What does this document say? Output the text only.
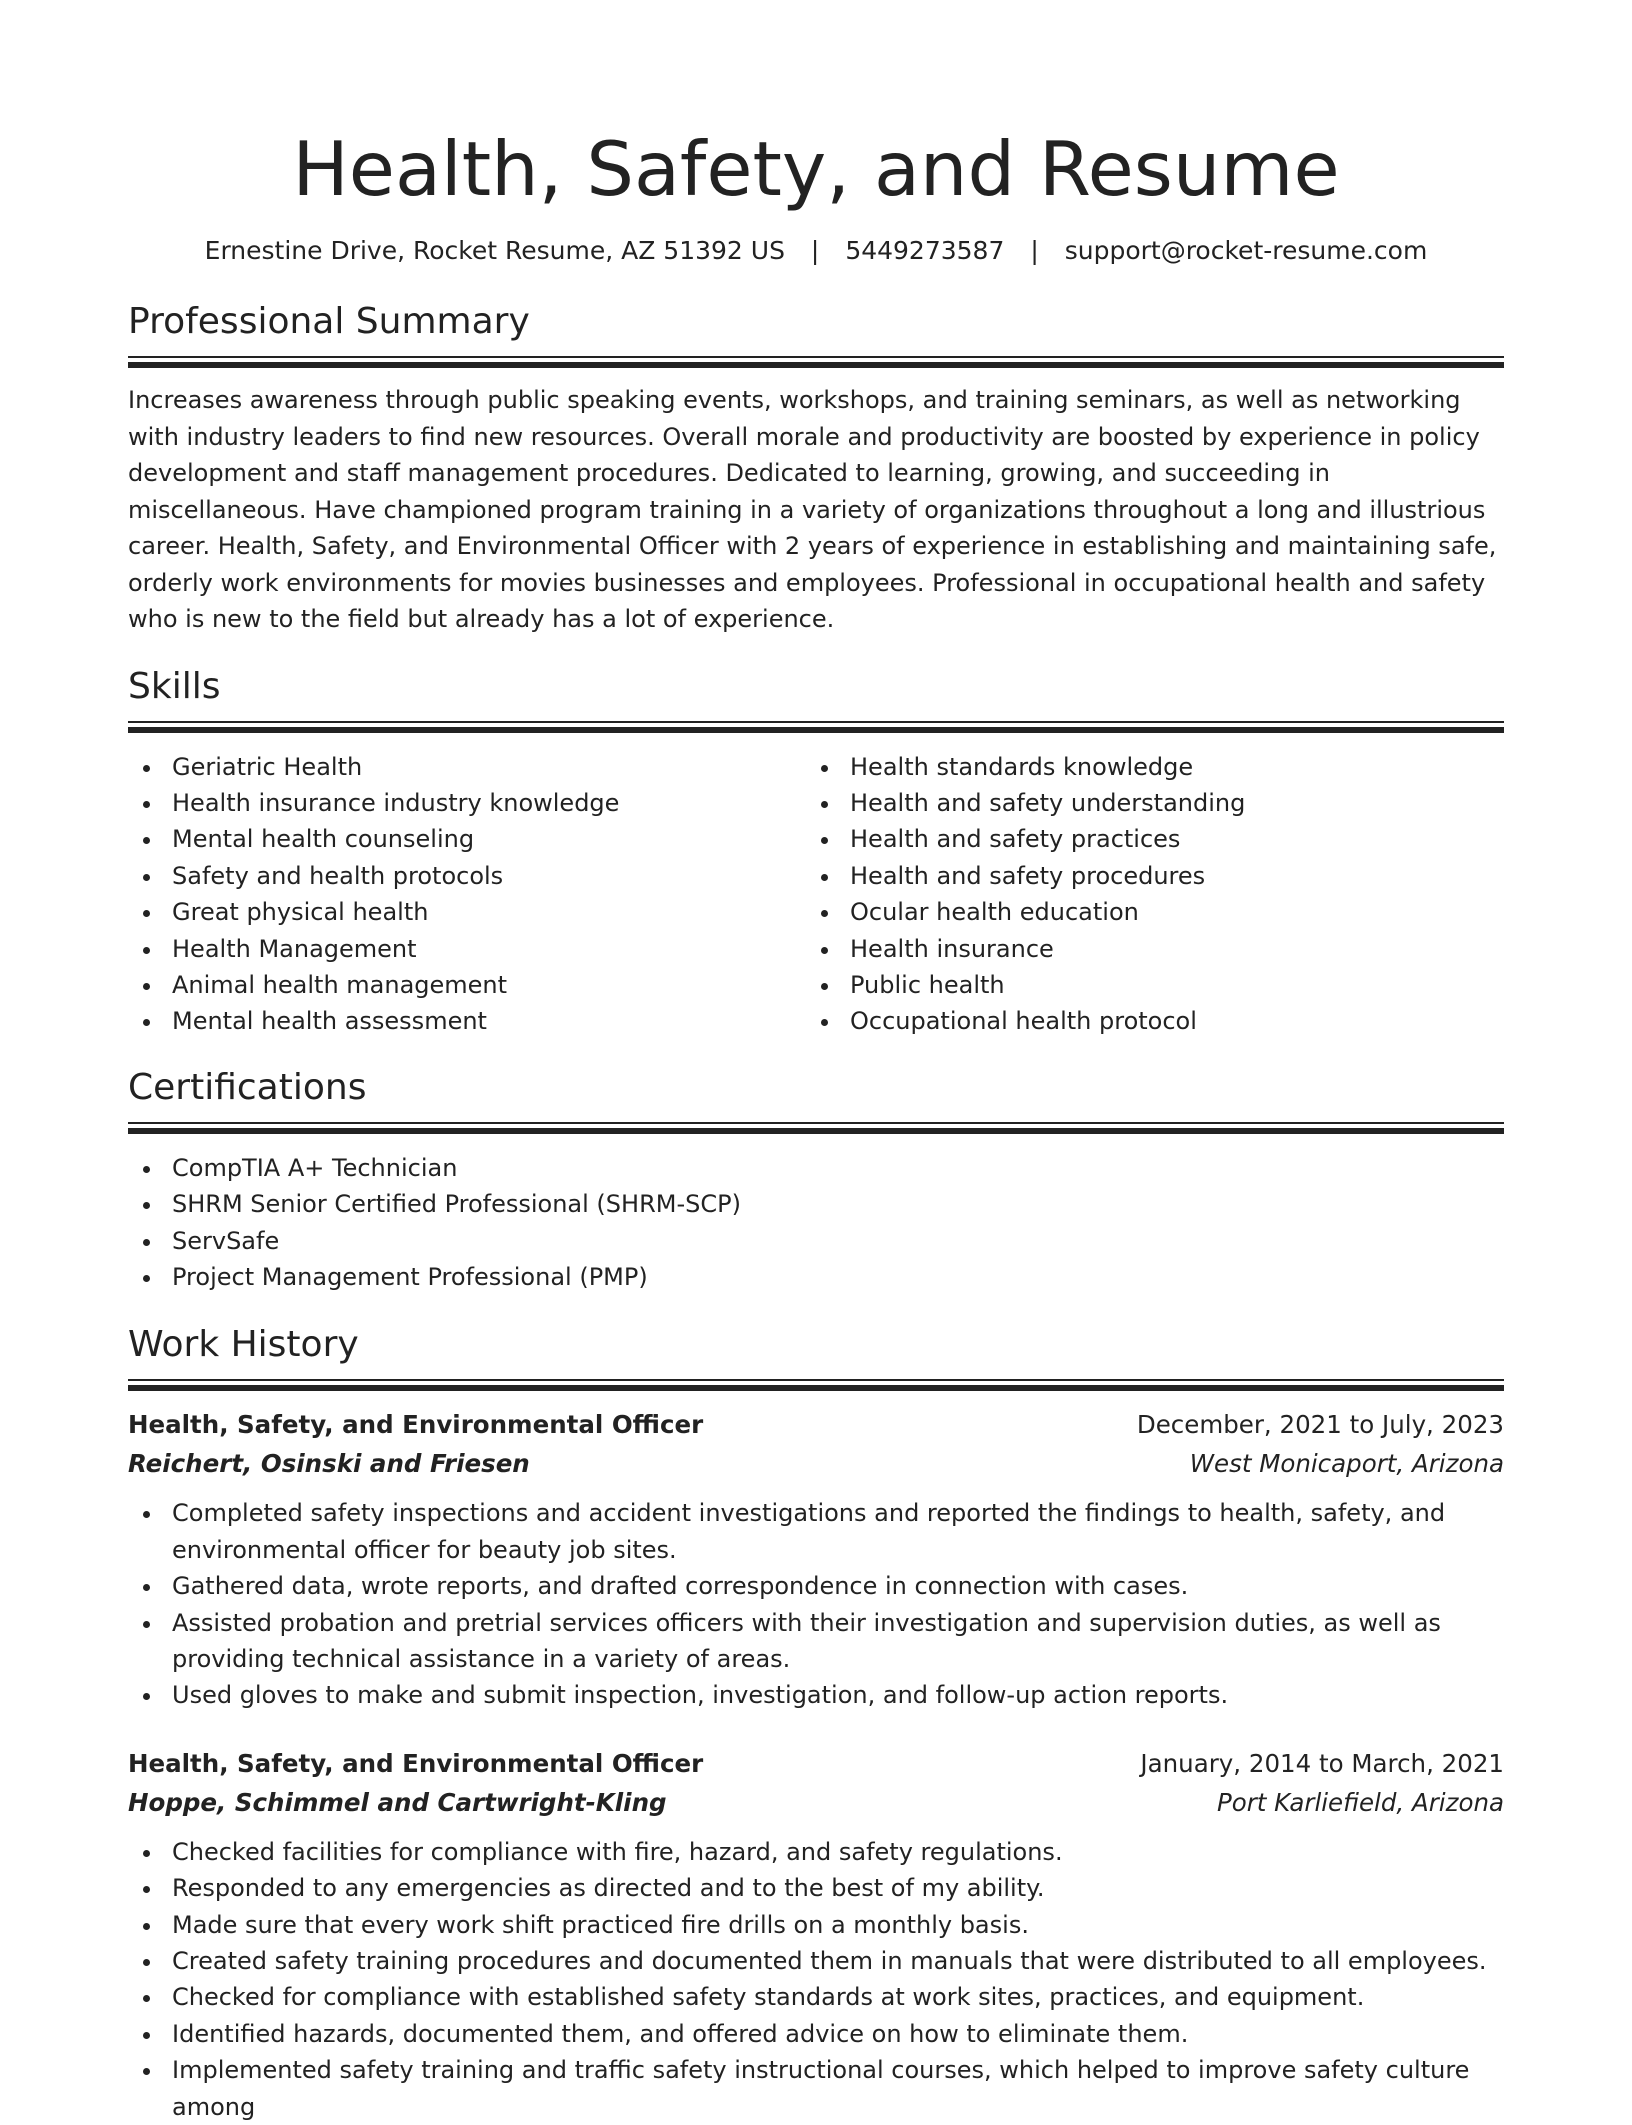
Health, Safety, and Resume
Ernestine Drive, Rocket Resume, AZ 51392 US | 5449273587 | support@rocket-resume.com
Professional Summary

Increases awareness through public speaking events, workshops, and training seminars, as well as networking with industry leaders to find new resources. Overall morale and productivity are boosted by experience in policy development and staff management procedures. Dedicated to learning, growing, and succeeding in miscellaneous. Have championed program training in a variety of organizations throughout a long and illustrious career. Health, Safety, and Environmental Officer with 2 years of experience in establishing and maintaining safe, orderly work environments for movies businesses and employees. Professional in occupational health and safety who is new to the field but already has a lot of experience.

Skills
Geriatric Health
Health insurance industry knowledge
Mental health counseling
Safety and health protocols
Great physical health
Health Management
Animal health management
Mental health assessment
Health standards knowledge
Health and safety understanding
Health and safety practices
Health and safety procedures
Ocular health education
Health insurance
Public health
Occupational health protocol
Certifications
CompTIA A+ Technician
SHRM Senior Certified Professional (SHRM-SCP)
ServSafe
Project Management Professional (PMP)
Work History
Health, Safety, and Environmental Officer	December, 2021 to July, 2023
Reichert, Osinski and Friesen	West Monicaport, Arizona
Completed safety inspections and accident investigations and reported the findings to health, safety, and environmental officer for beauty job sites.
Gathered data, wrote reports, and drafted correspondence in connection with cases.
Assisted probation and pretrial services officers with their investigation and supervision duties, as well as providing technical assistance in a variety of areas.
Used gloves to make and submit inspection, investigation, and follow-up action reports.
Health, Safety, and Environmental Officer	January, 2014 to March, 2021
Hoppe, Schimmel and Cartwright-Kling	Port Karliefield, Arizona
Checked facilities for compliance with fire, hazard, and safety regulations.
Responded to any emergencies as directed and to the best of my ability.
Made sure that every work shift practiced fire drills on a monthly basis.
Created safety training procedures and documented them in manuals that were distributed to all employees.
Checked for compliance with established safety standards at work sites, practices, and equipment.
Identified hazards, documented them, and offered advice on how to eliminate them.
Implemented safety training and traffic safety instructional courses, which helped to improve safety culture among
